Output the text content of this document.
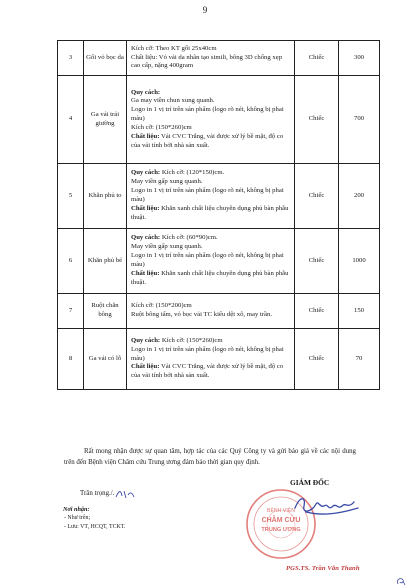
9
3	Gối vỏ bọc da	Kích cỡ: Theo KT gối 25x40cm
Chất liệu: Vỏ vải da nhân tạo simili, bông 3D chống xẹp cao cấp, nặng 400gram	Chiếc	300
4	Ga vải trải giường	Quy cách:
Ga may viền chun xung quanh.
Logo in 1 vị trí trên sản phẩm (logo rõ nét, không bị phai màu)
Kích cỡ: (150*260)cm
Chất liệu: Vải CVC Trắng, vải được xử lý bề mặt, độ co của vải tính bởi nhà sản xuất.	Chiếc	700
5	Khăn phủ to	Quy cách: Kích cỡ: (120*150)cm.
May viền gấp xung quanh.
Logo in 1 vị trí trên sản phẩm (logo rõ nét, không bị phai màu)
Chất liệu: Khăn xanh chất liệu chuyên dụng phủ bàn phẫu thuật.	Chiếc	200
6	Khăn phủ bé	Quy cách: Kích cỡ: (60*90)cm.
May viền gấp xung quanh.
Logo in 1 vị trí trên sản phẩm (logo rõ nét, không bị phai màu)
Chất liệu: Khăn xanh chất liệu chuyên dụng phủ bàn phẫu thuật.	Chiếc	1000
7	Ruột chăn bông	Kích cỡ: (150*200)cm
Ruột bông tấm, vỏ bọc vải TC kiểu dệt xô, may trần.	Chiếc	150
8	Ga vải có lỗ	Quy cách: Kích cỡ: (150*260)cm
Logo in 1 vị trí trên sản phẩm (logo rõ nét, không bị phai màu)
Chất liệu: Vải CVC Trắng, vải được xử lý bề mặt, độ co của vải tính bởi nhà sản xuất.	Chiếc	70

Rất mong nhận được sự quan tâm, hợp tác của các Quý Công ty và gửi báo giá về các nội dung trên đến Bệnh viện Châm cứu Trung ương đảm bảo thời gian quy định.

Trân trọng./.
Nơi nhận:
- Như trên;
- Lưu: VT, HCQT, TCKT.
BỆNH VIỆN
CHÂM CỨU
TRUNG ƯƠNG
GIÁM ĐỐC
PGS.TS. Trần Văn Thanh
